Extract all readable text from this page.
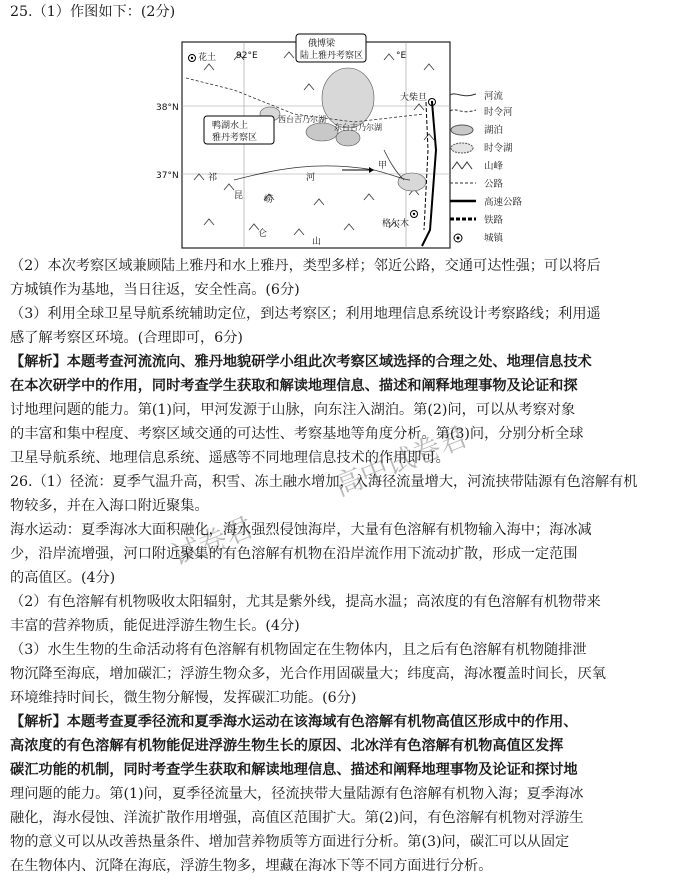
25.（1）作图如下：(2分)
92°E	°E
38°N
37°N
俄博梁
陆上雅丹考察区
鸭湖水上
雅丹考察区
花土
大柴旦
格尔木
甲
西台吉乃尔湖
东台吉乃尔湖
河
祁
昆
仑
山
崂
河流
时令河
湖泊
时令湖
山峰
公路
高速公路
铁路
城镇
（2）本次考察区域兼顾陆上雅丹和水上雅丹，类型多样；邻近公路，交通可达性强；可以将后
方城镇作为基地，当日往返，安全性高。(6分)
（3）利用全球卫星导航系统辅助定位，到达考察区；利用地理信息系统设计考察路线；利用遥
感了解考察区环境。(合理即可，6分)
【解析】本题考查河流流向、雅丹地貌研学小组此次考察区域选择的合理之处、地理信息技术
在本次研学中的作用，同时考查学生获取和解读地理信息、描述和阐释地理事物及论证和探
讨地理问题的能力。第(1)问，甲河发源于山脉，向东注入湖泊。第(2)问，可以从考察对象
的丰富和集中程度、考察区域交通的可达性、考察基地等角度分析。第(3)问，分别分析全球
卫星导航系统、地理信息系统、遥感等不同地理信息技术的作用即可。
26.（1）径流：夏季气温升高，积雪、冻土融水增加，入海径流量增大，河流挟带陆源有色溶解有机
物较多，并在入海口附近聚集。
海水运动：夏季海冰大面积融化，海水强烈侵蚀海岸，大量有色溶解有机物输入海中；海冰减
少，沿岸流增强，河口附近聚集的有色溶解有机物在沿岸流作用下流动扩散，形成一定范围
的高值区。(4分)
（2）有色溶解有机物吸收太阳辐射，尤其是紫外线，提高水温；高浓度的有色溶解有机物带来
丰富的营养物质，能促进浮游生物生长。(4分)
（3）水生生物的生命活动将有色溶解有机物固定在生物体内，且之后有色溶解有机物随排泄
物沉降至海底，增加碳汇；浮游生物众多，光合作用固碳量大；纬度高，海冰覆盖时间长，厌氧
环境维持时间长，微生物分解慢，发挥碳汇功能。(6分)
【解析】本题考查夏季径流和夏季海水运动在该海域有色溶解有机物高值区形成中的作用、
高浓度的有色溶解有机物能促进浮游生物生长的原因、北冰洋有色溶解有机物高值区发挥
碳汇功能的机制，同时考查学生获取和解读地理信息、描述和阐释地理事物及论证和探讨地
理问题的能力。第(1)问，夏季径流量大，径流挟带大量陆源有色溶解有机物入海；夏季海冰
融化，海水侵蚀、洋流扩散作用增强，高值区范围扩大。第(2)问，有色溶解有机物对浮游生
物的意义可以从改善热量条件、增加营养物质等方面进行分析。第(3)问，碳汇可以从固定
在生物体内、沉降在海底，浮游生物多，埋藏在海冰下等不同方面进行分析。
高中试卷君
试卷君
